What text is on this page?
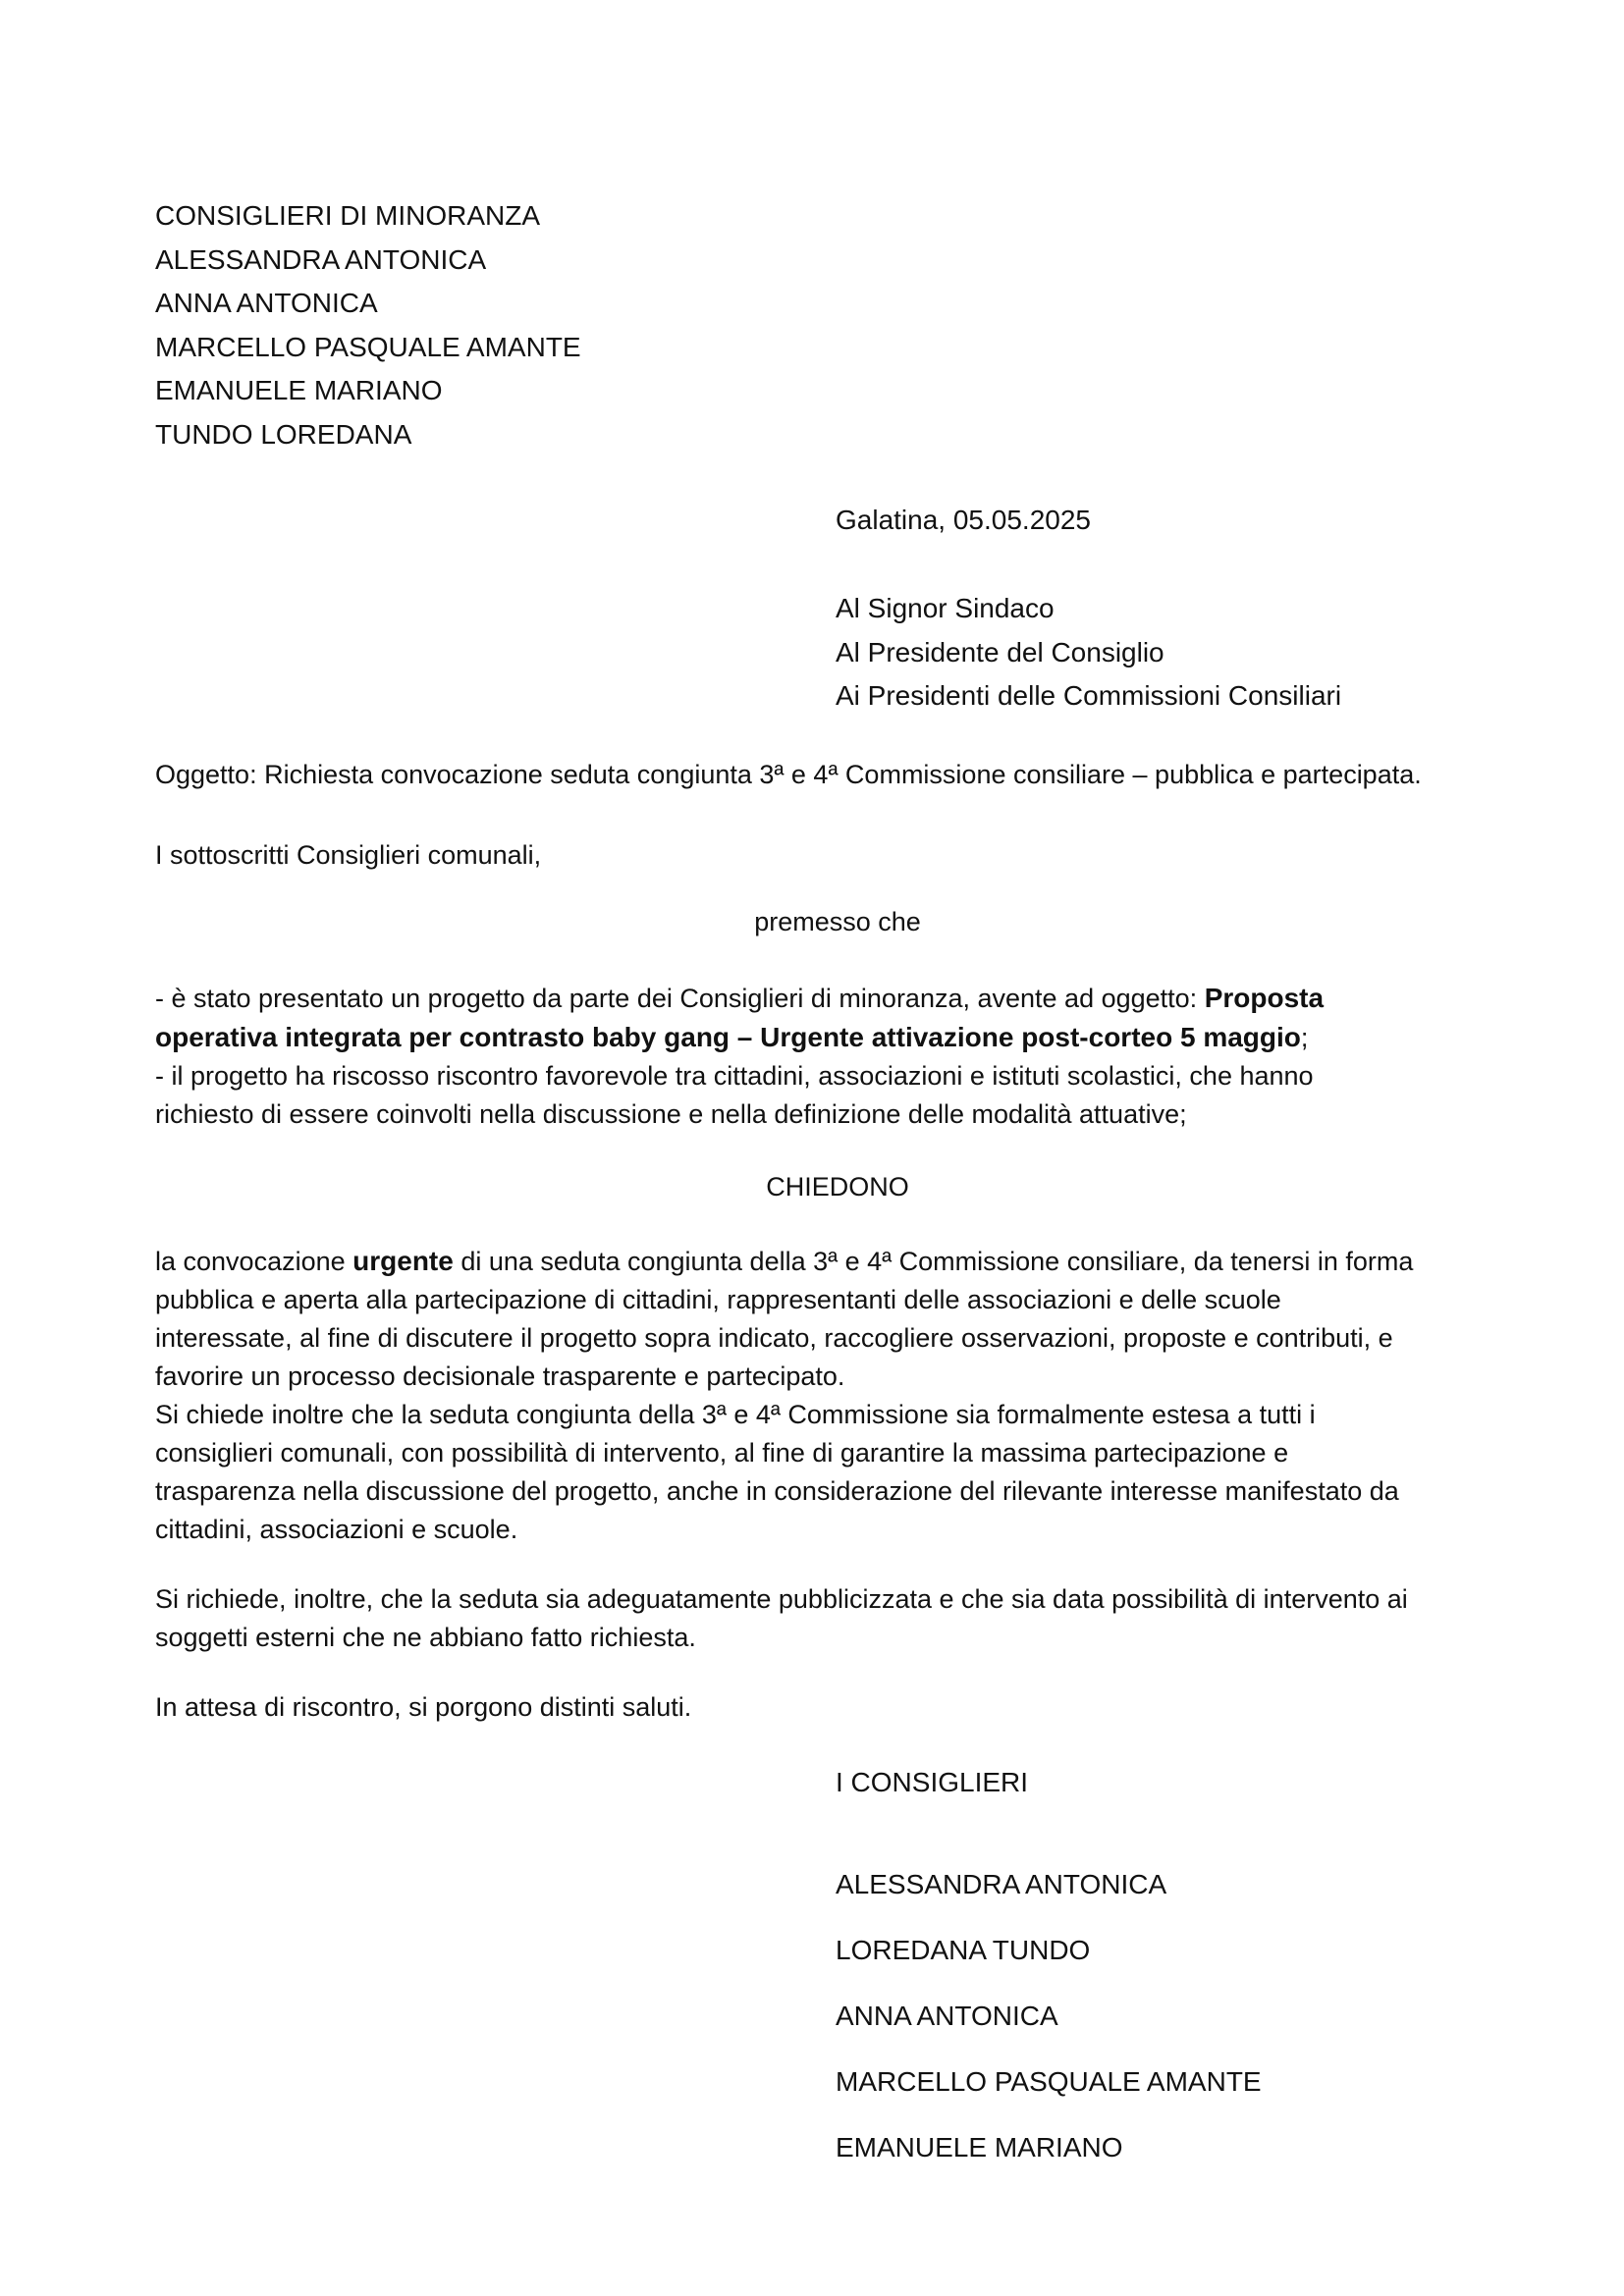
CONSIGLIERI DI MINORANZA
ALESSANDRA ANTONICA
ANNA ANTONICA
MARCELLO PASQUALE AMANTE
EMANUELE MARIANO
TUNDO LOREDANA
Galatina, 05.05.2025
Al Signor Sindaco
Al Presidente del Consiglio
Ai Presidenti delle Commissioni Consiliari
Oggetto: Richiesta convocazione seduta congiunta 3ª e 4ª Commissione consiliare – pubblica e partecipata.
I sottoscritti Consiglieri comunali,
premesso che
- è stato presentato un progetto da parte dei Consiglieri di minoranza, avente ad oggetto: Proposta
operativa integrata per contrasto baby gang – Urgente attivazione post-corteo 5 maggio;
- il progetto ha riscosso riscontro favorevole tra cittadini, associazioni e istituti scolastici, che hanno
richiesto di essere coinvolti nella discussione e nella definizione delle modalità attuative;
CHIEDONO
la convocazione urgente di una seduta congiunta della 3ª e 4ª Commissione consiliare, da tenersi in forma
pubblica e aperta alla partecipazione di cittadini, rappresentanti delle associazioni e delle scuole
interessate, al fine di discutere il progetto sopra indicato, raccogliere osservazioni, proposte e contributi, e
favorire un processo decisionale trasparente e partecipato.
Si chiede inoltre che la seduta congiunta della 3ª e 4ª Commissione sia formalmente estesa a tutti i
consiglieri comunali, con possibilità di intervento, al fine di garantire la massima partecipazione e
trasparenza nella discussione del progetto, anche in considerazione del rilevante interesse manifestato da
cittadini, associazioni e scuole.
Si richiede, inoltre, che la seduta sia adeguatamente pubblicizzata e che sia data possibilità di intervento ai
soggetti esterni che ne abbiano fatto richiesta.
In attesa di riscontro, si porgono distinti saluti.
I CONSIGLIERI
ALESSANDRA ANTONICA
LOREDANA TUNDO
ANNA ANTONICA
MARCELLO PASQUALE AMANTE
EMANUELE MARIANO
